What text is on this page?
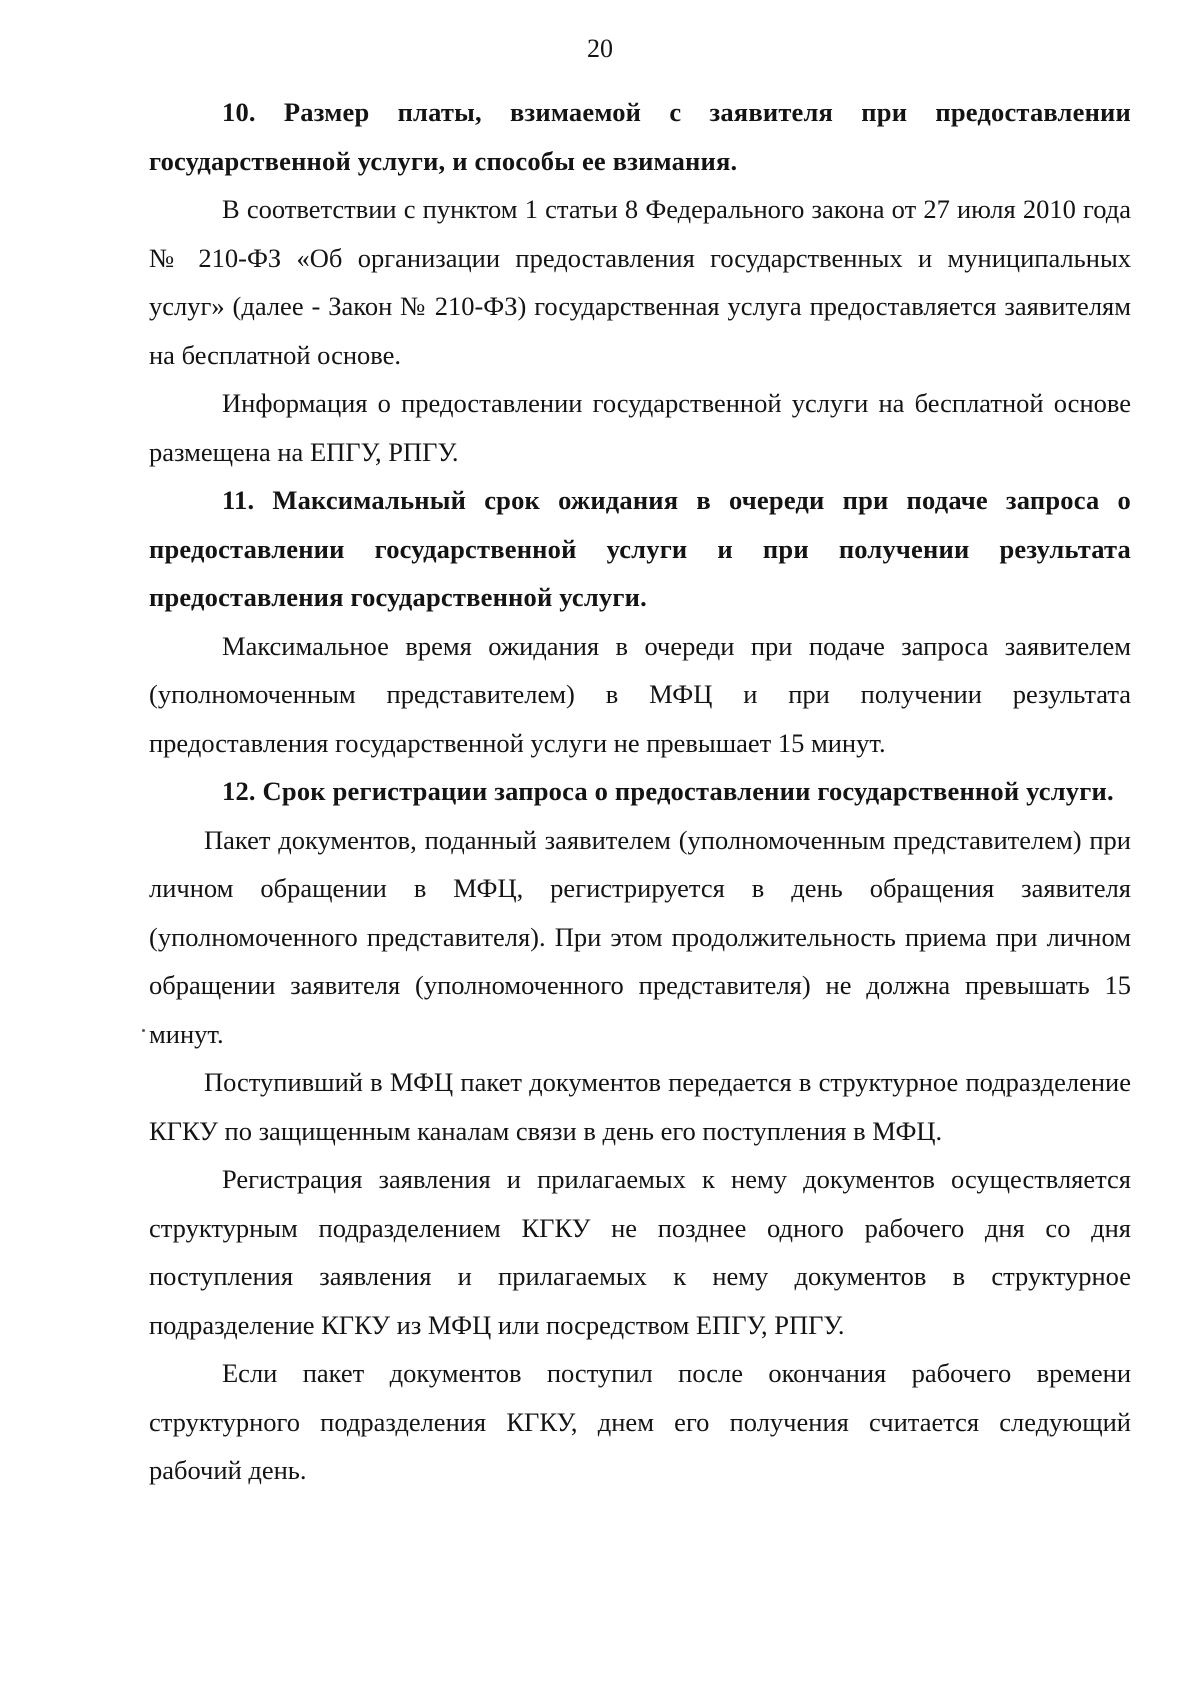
20

10. Размер платы, взимаемой с заявителя при предоставлении государственной услуги, и способы ее взимания.

В соответствии с пунктом 1 статьи 8 Федерального закона от 27 июля 2010 года № 210-ФЗ «Об организации предоставления государственных и муниципальных услуг» (далее - Закон № 210-ФЗ) государственная услуга предоставляется заявителям на бесплатной основе.

Информация о предоставлении государственной услуги на бесплатной основе размещена на ЕПГУ, РПГУ.

11. Максимальный срок ожидания в очереди при подаче запроса о предоставлении государственной услуги и при получении результата предоставления государственной услуги.

Максимальное время ожидания в очереди при подаче запроса заявителем (уполномоченным представителем) в МФЦ и при получении результата предоставления государственной услуги не превышает 15 минут.

12. Срок регистрации запроса о предоставлении государственной услуги.

Пакет документов, поданный заявителем (уполномоченным представителем) при личном обращении в МФЦ, регистрируется в день обращения заявителя (уполномоченного представителя). При этом продолжительность приема при личном обращении заявителя (уполномоченного представителя) не должна превышать 15 минут.

Поступивший в МФЦ пакет документов передается в структурное подразделение КГКУ по защищенным каналам связи в день его поступления в МФЦ.

Регистрация заявления и прилагаемых к нему документов осуществляется структурным подразделением КГКУ не позднее одного рабочего дня со дня поступления заявления и прилагаемых к нему документов в структурное подразделение КГКУ из МФЦ или посредством ЕПГУ, РПГУ.

Если пакет документов поступил после окончания рабочего времени структурного подразделения КГКУ, днем его получения считается следующий рабочий день.
